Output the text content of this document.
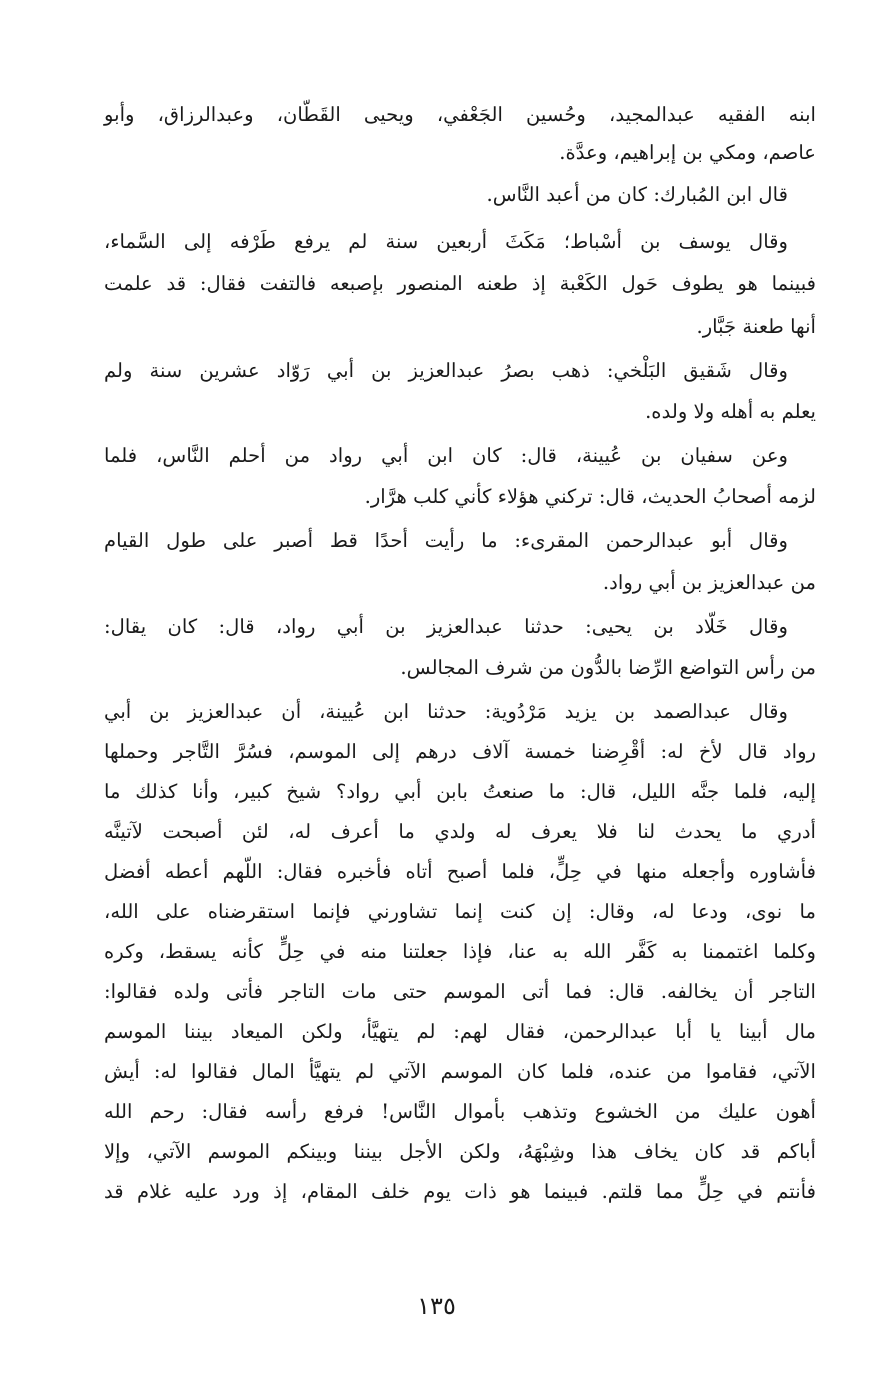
ابنه الفقيه عبدالمجيد، وحُسين الجَعْفي، ويحيى القَطّان، وعبدالرزاق، وأبو
عاصم، ومكي بن إبراهيم، وعدَّة.
قال ابن المُبارك: كان من أعبد النَّاس.
وقال يوسف بن أسْباط؛ مَكَثَ أربعين سنة لم يرفع طَرْفه إلى السَّماء،
فبينما هو يطوف حَول الكَعْبة إذ طعنه المنصور بإصبعه فالتفت فقال: قد علمت
أنها طعنة جَبَّار.
وقال شَقيق البَلْخي: ذهب بصرُ عبدالعزيز بن أبي رَوّاد عشرين سنة ولم
يعلم به أهله ولا ولده.
وعن سفيان بن عُيينة، قال: كان ابن أبي رواد من أحلم النَّاس، فلما
لزمه أصحابُ الحديث، قال: تركني هؤلاء كأني كلب هرَّار.
وقال أبو عبدالرحمن المقرىء: ما رأيت أحدًا قط أصبر على طول القيام
من عبدالعزيز بن أبي رواد.
وقال خَلّاد بن يحيى: حدثنا عبدالعزيز بن أبي رواد، قال: كان يقال:
من رأس التواضع الرِّضا بالدُّون من شرف المجالس.
وقال عبدالصمد بن يزيد مَرْدُوية: حدثنا ابن عُيينة، أن عبدالعزيز بن أبي
رواد قال لأخ له: أقْرِضنا خمسة آلاف درهم إلى الموسم، فسُرَّ التَّاجر وحملها
إليه، فلما جنَّه الليل، قال: ما صنعتُ بابن أبي رواد؟ شيخ كبير، وأنا كذلك ما
أدري ما يحدث لنا فلا يعرف له ولدي ما أعرف له، لئن أصبحت لآتينَّه
فأشاوره وأجعله منها في حِلٍّ، فلما أصبح أتاه فأخبره فقال: اللّهم أعطه أفضل
ما نوى، ودعا له، وقال: إن كنت إنما تشاورني فإنما استقرضناه على الله،
وكلما اغتممنا به كَفَّر الله به عنا، فإذا جعلتنا منه في حِلٍّ كأنه يسقط، وكره
التاجر أن يخالفه. قال: فما أتى الموسم حتى مات التاجر فأتى ولده فقالوا:
مال أبينا يا أبا عبدالرحمن، فقال لهم: لم يتهيَّأ، ولكن الميعاد بيننا الموسم
الآتي، فقاموا من عنده، فلما كان الموسم الآتي لم يتهيَّأ المال فقالوا له: أيش
أهون عليك من الخشوع وتذهب بأموال النَّاس! فرفع رأسه فقال: رحم الله
أباكم قد كان يخاف هذا وشِبْهَهُ، ولكن الأجل بيننا وبينكم الموسم الآتي، وإلا
فأنتم في حِلٍّ مما قلتم. فبينما هو ذات يوم خلف المقام، إذ ورد عليه غلام قد
١٣٥
